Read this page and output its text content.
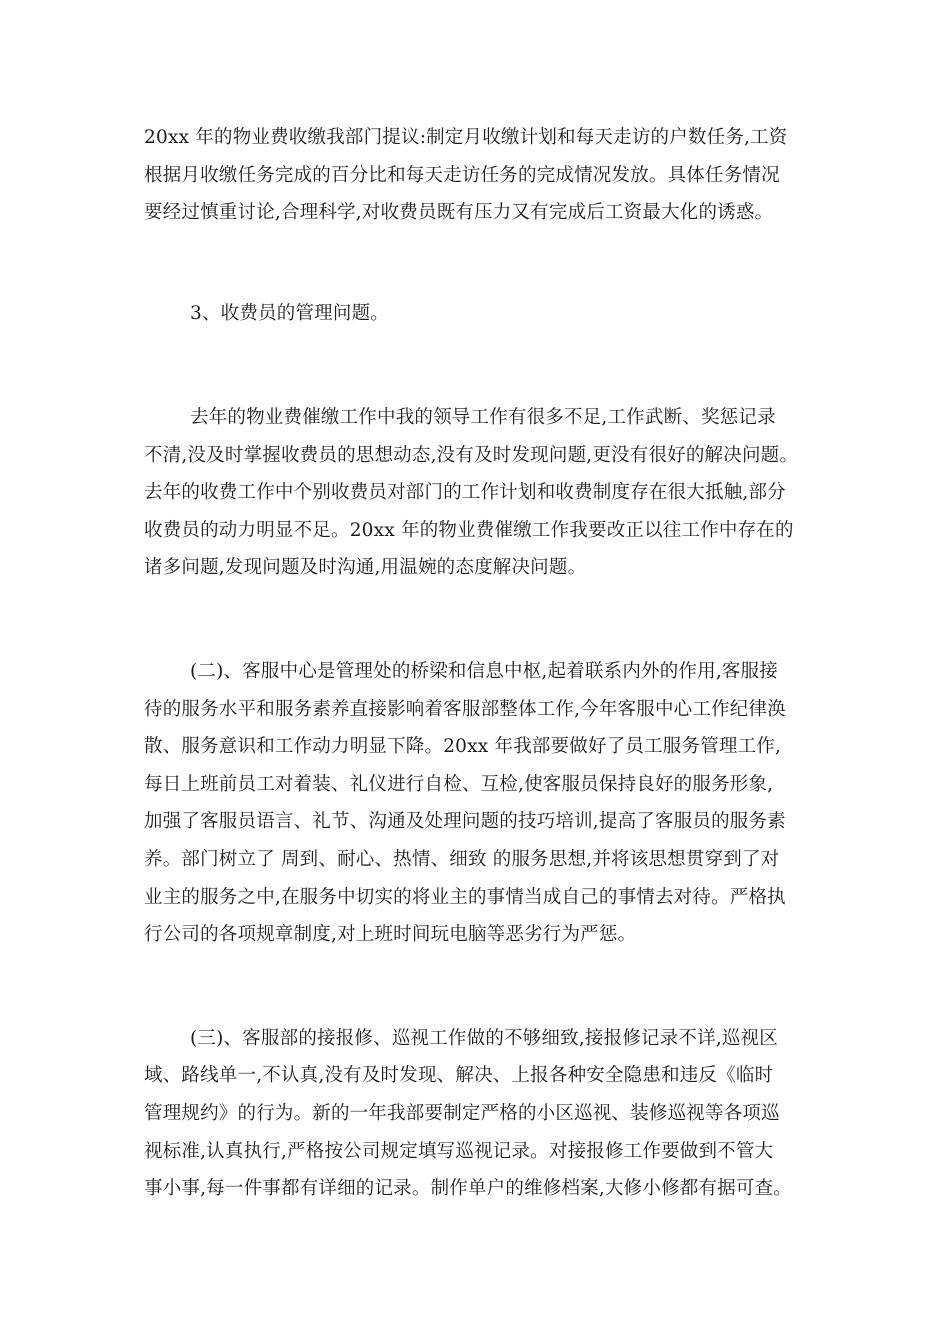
20xx 年的物业费收缴我部门提议:制定月收缴计划和每天走访的户数任务,工资
根据月收缴任务完成的百分比和每天走访任务的完成情况发放。具体任务情况
要经过慎重讨论,合理科学,对收费员既有压力又有完成后工资最大化的诱惑。
3、收费员的管理问题。
去年的物业费催缴工作中我的领导工作有很多不足,工作武断、奖惩记录
不清,没及时掌握收费员的思想动态,没有及时发现问题,更没有很好的解决问题。
去年的收费工作中个别收费员对部门的工作计划和收费制度存在很大抵触,部分
收费员的动力明显不足。20xx 年的物业费催缴工作我要改正以往工作中存在的
诸多问题,发现问题及时沟通,用温婉的态度解决问题。
(二)、客服中心是管理处的桥梁和信息中枢,起着联系内外的作用,客服接
待的服务水平和服务素养直接影响着客服部整体工作,今年客服中心工作纪律涣
散、服务意识和工作动力明显下降。20xx 年我部要做好了员工服务管理工作,
每日上班前员工对着装、礼仪进行自检、互检,使客服员保持良好的服务形象,
加强了客服员语言、礼节、沟通及处理问题的技巧培训,提高了客服员的服务素
养。部门树立了 周到、耐心、热情、细致 的服务思想,并将该思想贯穿到了对
业主的服务之中,在服务中切实的将业主的事情当成自己的事情去对待。严格执
行公司的各项规章制度,对上班时间玩电脑等恶劣行为严惩。
(三)、客服部的接报修、巡视工作做的不够细致,接报修记录不详,巡视区
域、路线单一,不认真,没有及时发现、解决、上报各种安全隐患和违反《临时
管理规约》的行为。新的一年我部要制定严格的小区巡视、装修巡视等各项巡
视标准,认真执行,严格按公司规定填写巡视记录。对接报修工作要做到不管大
事小事,每一件事都有详细的记录。制作单户的维修档案,大修小修都有据可查。
